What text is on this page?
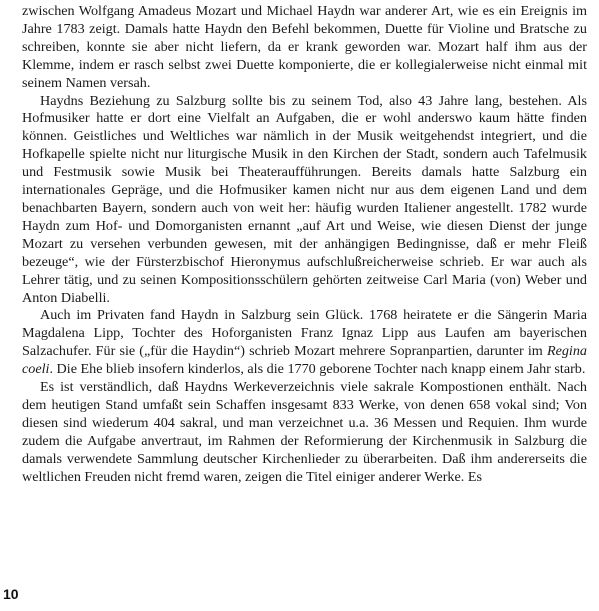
zwischen Wolfgang Amadeus Mozart und Michael Haydn war anderer Art, wie es ein Ereignis im Jahre 1783 zeigt. Damals hatte Haydn den Befehl bekommen, Duette für Violine und Bratsche zu schreiben, konnte sie aber nicht liefern, da er krank geworden war. Mozart half ihm aus der Klemme, indem er rasch selbst zwei Duette komponierte, die er kollegialerweise nicht einmal mit seinem Namen versah.

Haydns Beziehung zu Salzburg sollte bis zu seinem Tod, also 43 Jahre lang, bestehen. Als Hofmusiker hatte er dort eine Vielfalt an Aufgaben, die er wohl anderswo kaum hätte finden können. Geistliches und Weltliches war nämlich in der Musik weitgehendst integriert, und die Hofkapelle spielte nicht nur liturgische Musik in den Kirchen der Stadt, sondern auch Tafelmusik und Festmusik sowie Musik bei Theateraufführungen. Bereits damals hatte Salzburg ein internationales Gepräge, und die Hofmusiker kamen nicht nur aus dem eigenen Land und dem benachbarten Bayern, sondern auch von weit her: häufig wurden Italiener angestellt. 1782 wurde Haydn zum Hof- und Domorganisten ernannt „auf Art und Weise, wie diesen Dienst der junge Mozart zu versehen verbunden gewesen, mit der anhängigen Bedingnisse, daß er mehr Fleiß bezeuge“, wie der Fürsterzbischof Hieronymus aufschlußreicherweise schrieb. Er war auch als Lehrer tätig, und zu seinen Kompositionsschülern gehörten zeitweise Carl Maria (von) Weber und Anton Diabelli.

Auch im Privaten fand Haydn in Salzburg sein Glück. 1768 heiratete er die Sängerin Maria Magdalena Lipp, Tochter des Hoforganisten Franz Ignaz Lipp aus Laufen am bayerischen Salzachufer. Für sie („für die Haydin“) schrieb Mozart mehrere Sopranpartien, darunter im Regina coeli. Die Ehe blieb insofern kinderlos, als die 1770 geborene Tochter nach knapp einem Jahr starb.

Es ist verständlich, daß Haydns Werkeverzeichnis viele sakrale Kompostionen enthält. Nach dem heutigen Stand umfaßt sein Schaffen insgesamt 833 Werke, von denen 658 vokal sind; Von diesen sind wiederum 404 sakral, und man verzeichnet u.a. 36 Messen und Requien. Ihm wurde zudem die Aufgabe anvertraut, im Rahmen der Reformierung der Kirchenmusik in Salzburg die damals verwendete Sammlung deutscher Kirchenlieder zu überarbeiten. Daß ihm andererseits die weltlichen Freuden nicht fremd waren, zeigen die Titel einiger anderer Werke. Es

10
